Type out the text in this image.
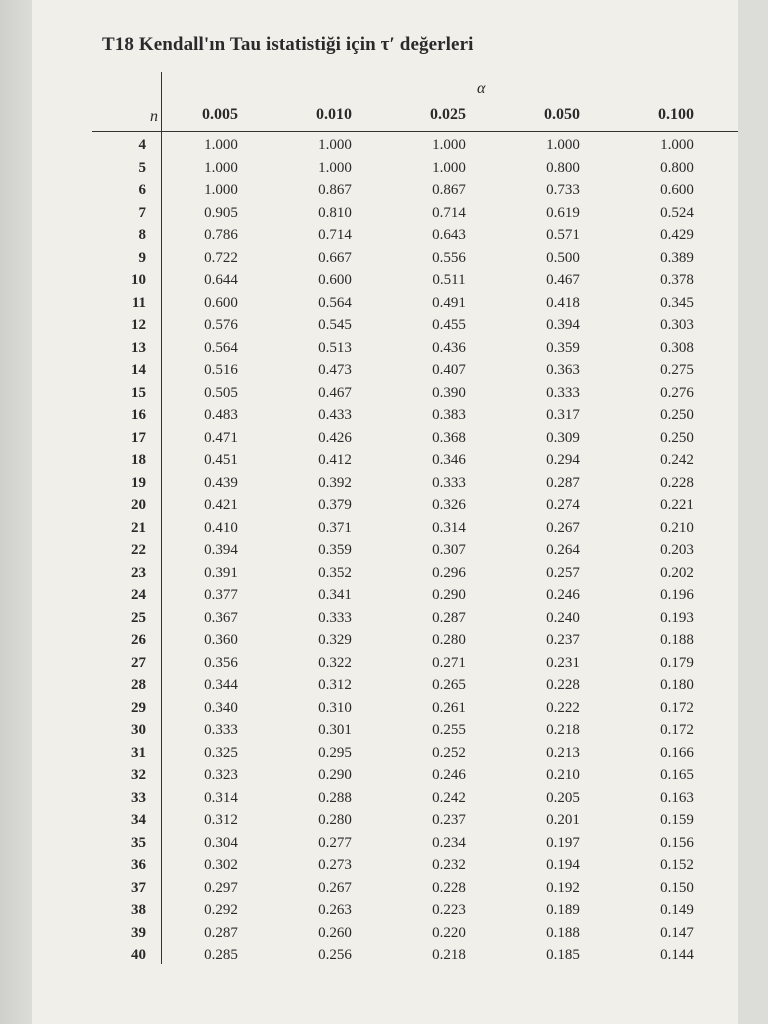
T18 Kendall'ın Tau istatistiği için τ′ değerleri
α
n	0.005	0.010	0.025	0.050	0.100
4	1.000	1.000	1.000	1.000	1.000
5	1.000	1.000	1.000	0.800	0.800
6	1.000	0.867	0.867	0.733	0.600
7	0.905	0.810	0.714	0.619	0.524
8	0.786	0.714	0.643	0.571	0.429
9	0.722	0.667	0.556	0.500	0.389
10	0.644	0.600	0.511	0.467	0.378
11	0.600	0.564	0.491	0.418	0.345
12	0.576	0.545	0.455	0.394	0.303
13	0.564	0.513	0.436	0.359	0.308
14	0.516	0.473	0.407	0.363	0.275
15	0.505	0.467	0.390	0.333	0.276
16	0.483	0.433	0.383	0.317	0.250
17	0.471	0.426	0.368	0.309	0.250
18	0.451	0.412	0.346	0.294	0.242
19	0.439	0.392	0.333	0.287	0.228
20	0.421	0.379	0.326	0.274	0.221
21	0.410	0.371	0.314	0.267	0.210
22	0.394	0.359	0.307	0.264	0.203
23	0.391	0.352	0.296	0.257	0.202
24	0.377	0.341	0.290	0.246	0.196
25	0.367	0.333	0.287	0.240	0.193
26	0.360	0.329	0.280	0.237	0.188
27	0.356	0.322	0.271	0.231	0.179
28	0.344	0.312	0.265	0.228	0.180
29	0.340	0.310	0.261	0.222	0.172
30	0.333	0.301	0.255	0.218	0.172
31	0.325	0.295	0.252	0.213	0.166
32	0.323	0.290	0.246	0.210	0.165
33	0.314	0.288	0.242	0.205	0.163
34	0.312	0.280	0.237	0.201	0.159
35	0.304	0.277	0.234	0.197	0.156
36	0.302	0.273	0.232	0.194	0.152
37	0.297	0.267	0.228	0.192	0.150
38	0.292	0.263	0.223	0.189	0.149
39	0.287	0.260	0.220	0.188	0.147
40	0.285	0.256	0.218	0.185	0.144
